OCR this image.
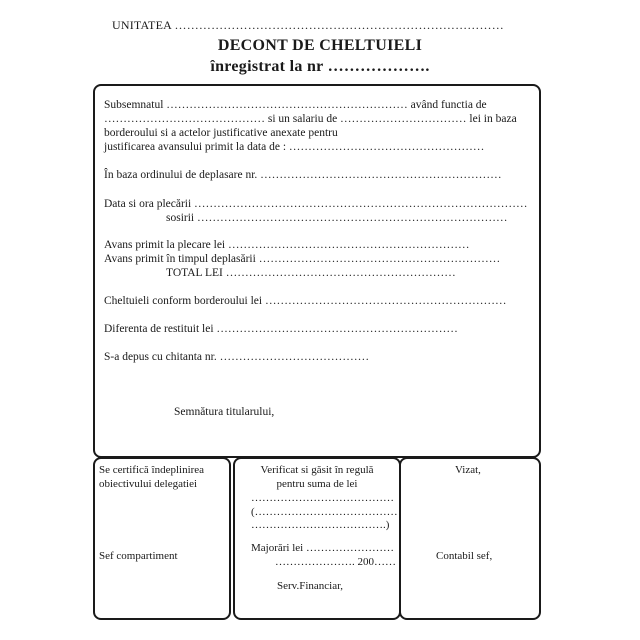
UNITATEA ………………………………………………………………………
DECONT DE CHELTUIELI
înregistrat la nr ……………….
Subsemnatul ……………………………………………………… având functia de
…………………………………… si un salariu de …………………………… lei in baza
borderoului si a actelor justificative anexate pentru
justificarea avansului primit la data de : ……………………………………………
În baza ordinului de deplasare nr. ………………………………………………………
Data si ora plecării ……………………………………………………………………………
sosirii ………………………………………………………………………
Avans primit la plecare lei ………………………………………………………
Avans primit în timpul deplasării ………………………………………………………
TOTAL LEI ……………………………………………………
Cheltuieli conform borderoului lei ………………………………………………………
Diferenta de restituit lei ………………………………………………………
S-a depus cu chitanta nr. …………………………………
Semnătura titularului,
Se certifică îndeplinirea
obiectivului delegatiei
Sef compartiment
Verificat si găsit în regulă
pentru suma de lei
…………………………………
(…………………………………
……………………………….)
Majorări lei ……………………
…………………. 200……
Serv.Financiar,
Vizat,
Contabil sef,
